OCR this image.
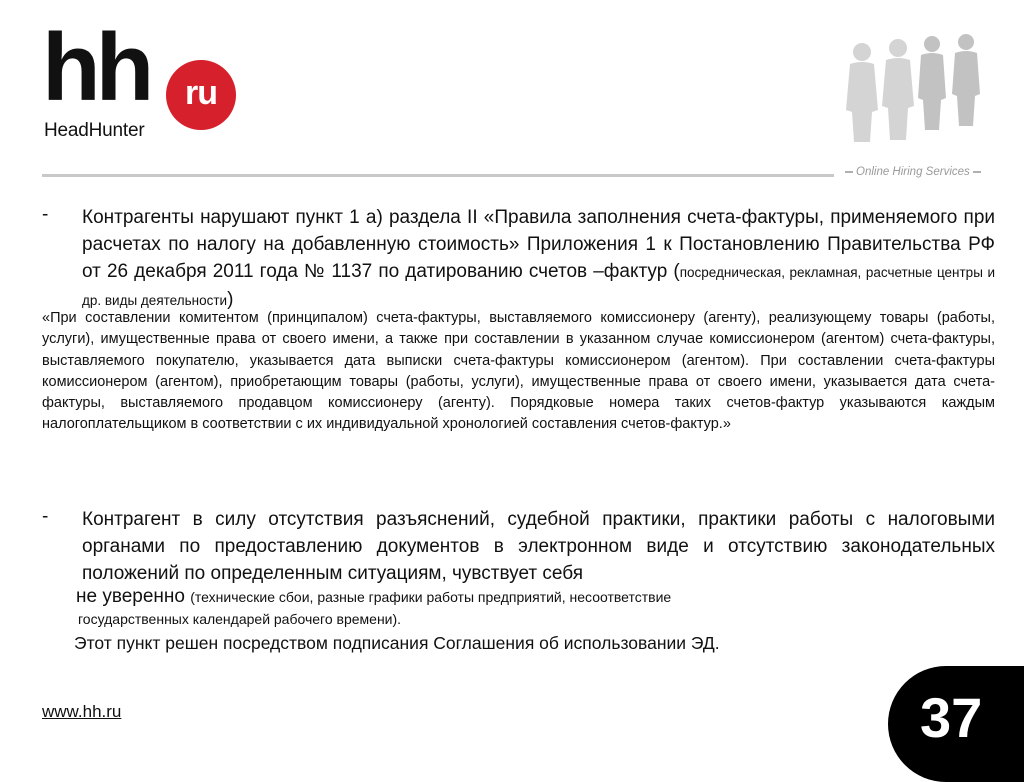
hh	ru
HeadHunter
Online Hiring Services
- Контрагенты нарушают пункт 1 а) раздела II «Правила заполнения счета-фактуры, применяемого при расчетах по налогу на добавленную стоимость» Приложения 1 к Постановлению Правительства РФ от 26 декабря 2011 года № 1137 по датированию счетов –фактур (посредническая, рекламная, расчетные центры и др. виды деятельности)
«При составлении комитентом (принципалом) счета-фактуры, выставляемого комиссионеру (агенту), реализующему товары (работы, услуги), имущественные права от своего имени, а также при составлении в указанном случае комиссионером (агентом) счета-фактуры, выставляемого покупателю, указывается дата выписки счета-фактуры комиссионером (агентом). При составлении счета-фактуры комиссионером (агентом), приобретающим товары (работы, услуги), имущественные права от своего имени, указывается дата счета-фактуры, выставляемого продавцом комиссионеру (агенту). Порядковые номера таких счетов-фактур указываются каждым налогоплательщиком в соответствии с их индивидуальной хронологией составления счетов-фактур.»
- Контрагент в силу отсутствия разъяснений, судебной практики, практики работы с налоговыми органами по предоставлению документов в электронном виде и отсутствию законодательных положений по определенным ситуациям, чувствует себя
не уверенно (технические сбои, разные графики работы предприятий, несоответствие
государственных календарей рабочего времени).
Этот пункт решен посредством подписания Соглашения об использовании ЭД.
www.hh.ru	37
